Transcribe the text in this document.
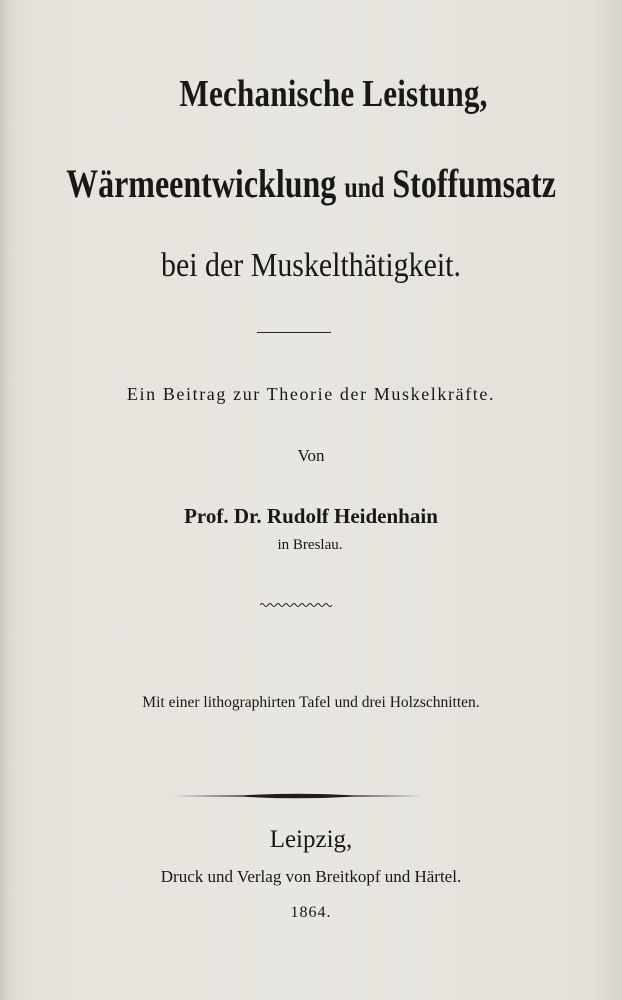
Mechanische Leistung,
Wärmeentwicklung und Stoffumsatz
bei der Muskelthätigkeit.
Ein Beitrag zur Theorie der Muskelkräfte.
Von
Prof. Dr. Rudolf Heidenhain
in Breslau.
Mit einer lithographirten Tafel und drei Holzschnitten.
Leipzig,
Druck und Verlag von Breitkopf und Härtel.
1864.
